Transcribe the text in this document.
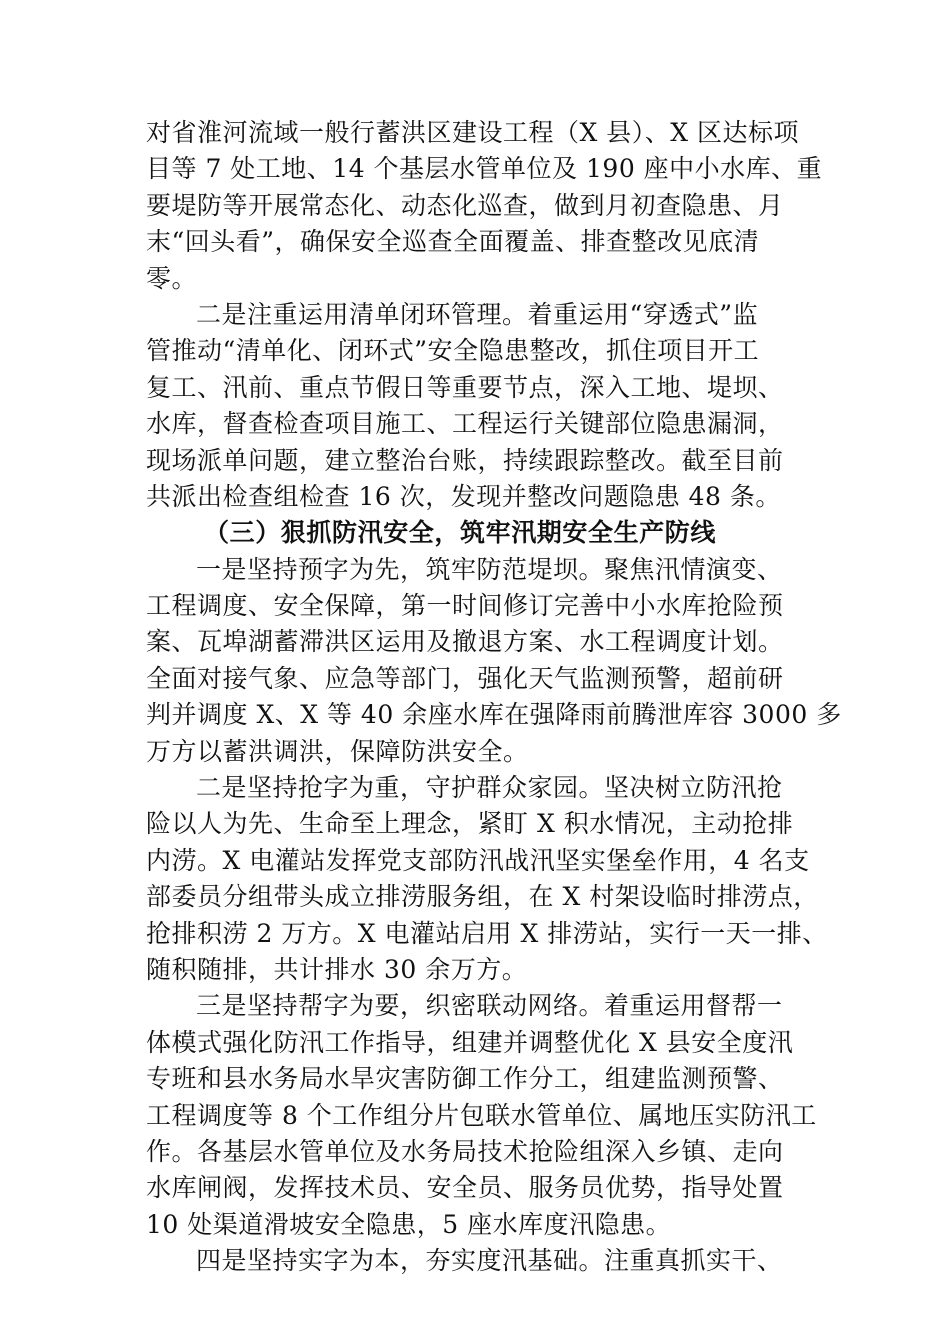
对省淮河流域一般行蓄洪区建设工程（X 县）、X 区达标项
目等 7 处工地、14 个基层水管单位及 190 座中小水库、重
要堤防等开展常态化、动态化巡查，做到月初查隐患、月
末“回头看”，确保安全巡查全面覆盖、排查整改见底清
零。
二是注重运用清单闭环管理。着重运用“穿透式”监
管推动“清单化、闭环式”安全隐患整改，抓住项目开工
复工、汛前、重点节假日等重要节点，深入工地、堤坝、
水库，督查检查项目施工、工程运行关键部位隐患漏洞，
现场派单问题，建立整治台账，持续跟踪整改。截至目前
共派出检查组检查 16 次，发现并整改问题隐患 48 条。
（三）狠抓防汛安全，筑牢汛期安全生产防线
一是坚持预字为先，筑牢防范堤坝。聚焦汛情演变、
工程调度、安全保障，第一时间修订完善中小水库抢险预
案、瓦埠湖蓄滞洪区运用及撤退方案、水工程调度计划。
全面对接气象、应急等部门，强化天气监测预警，超前研
判并调度 X、X 等 40 余座水库在强降雨前腾泄库容 3000 多
万方以蓄洪调洪，保障防洪安全。
二是坚持抢字为重，守护群众家园。坚决树立防汛抢
险以人为先、生命至上理念，紧盯 X 积水情况，主动抢排
内涝。X 电灌站发挥党支部防汛战汛坚实堡垒作用，4 名支
部委员分组带头成立排涝服务组，在 X 村架设临时排涝点，
抢排积涝 2 万方。X 电灌站启用 X 排涝站，实行一天一排、
随积随排，共计排水 30 余万方。
三是坚持帮字为要，织密联动网络。着重运用督帮一
体模式强化防汛工作指导，组建并调整优化 X 县安全度汛
专班和县水务局水旱灾害防御工作分工，组建监测预警、
工程调度等 8 个工作组分片包联水管单位、属地压实防汛工
作。各基层水管单位及水务局技术抢险组深入乡镇、走向
水库闸阀，发挥技术员、安全员、服务员优势，指导处置
10 处渠道滑坡安全隐患，5 座水库度汛隐患。
四是坚持实字为本，夯实度汛基础。注重真抓实干、
